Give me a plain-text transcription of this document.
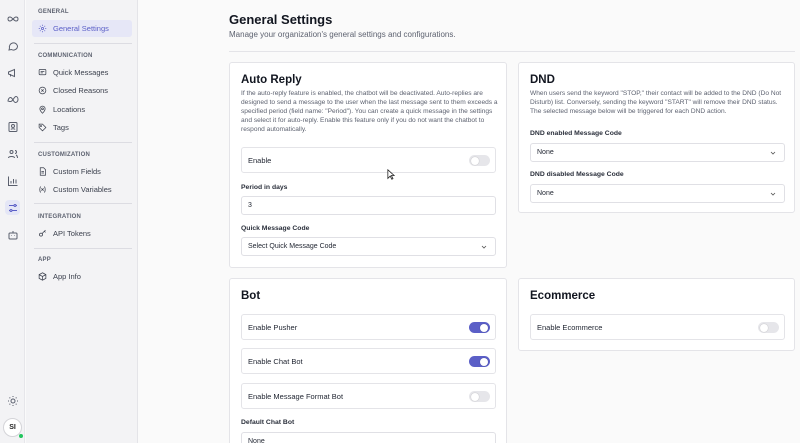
SI
GENERAL
General Settings
COMMUNICATION
Quick Messages
Closed Reasons
Locations
Tags
CUSTOMIZATION
Custom Fields
Custom Variables
INTEGRATION
API Tokens
APP
App Info
General Settings
Manage your organization's general settings and configurations.
Auto Reply
If the auto-reply feature is enabled, the chatbot will be deactivated. Auto-replies are designed to send a message to the user when the last message sent to them exceeds a specified period (field name: "Period"). You can create a quick message in the settings and select it for auto-reply. Enable this feature only if you do not want the chatbot to respond automatically.
Enable
Period in days
3
Quick Message Code
Select Quick Message Code
DND
When users send the keyword "STOP," their contact will be added to the DND (Do Not Disturb) list. Conversely, sending the keyword "START" will remove their DND status. The selected message below will be triggered for each DND action.
DND enabled Message Code
None
DND disabled Message Code
None
Bot
Enable Pusher
Enable Chat Bot
Enable Message Format Bot
Default Chat Bot
None
Ecommerce
Enable Ecommerce
